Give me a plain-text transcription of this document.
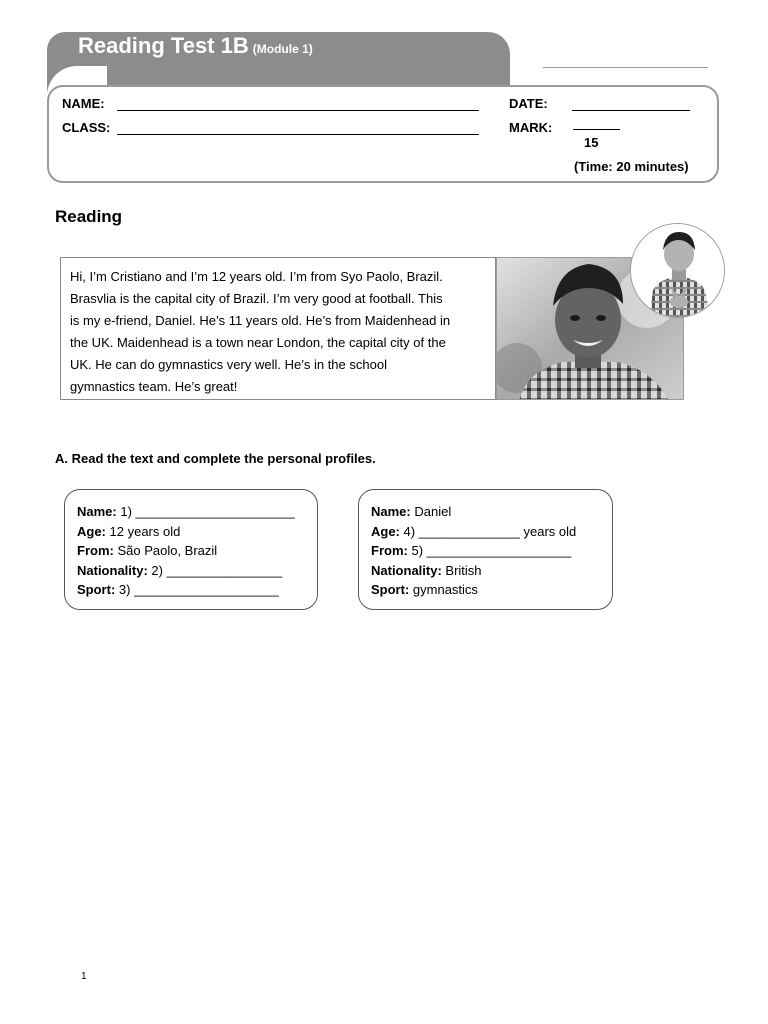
Reading Test 1B (Module 1)
NAME:
CLASS:
DATE:
MARK:
15
(Time: 20 minutes)
Reading
Hi, I’m Cristiano and I’m 12 years old. I’m from Sуo Paolo, Brazil.
Brasvlia is the capital city of Brazil. I’m very good at football. This
is my e-friend, Daniel. He’s 11 years old. He’s from Maidenhead in
the UK. Maidenhead is a town near London, the capital city of the
UK. He can do gymnastics very well. He’s in the school
gymnastics team. He’s great!
A. Read the text and complete the personal profiles.
Name: 1) ______________________
Age: 12 years old
From: São Paolo, Brazil
Nationality: 2) ________________
Sport: 3) ____________________
Name: Daniel
Age: 4) ______________ years old
From: 5) ____________________
Nationality: British
Sport: gymnastics
1
